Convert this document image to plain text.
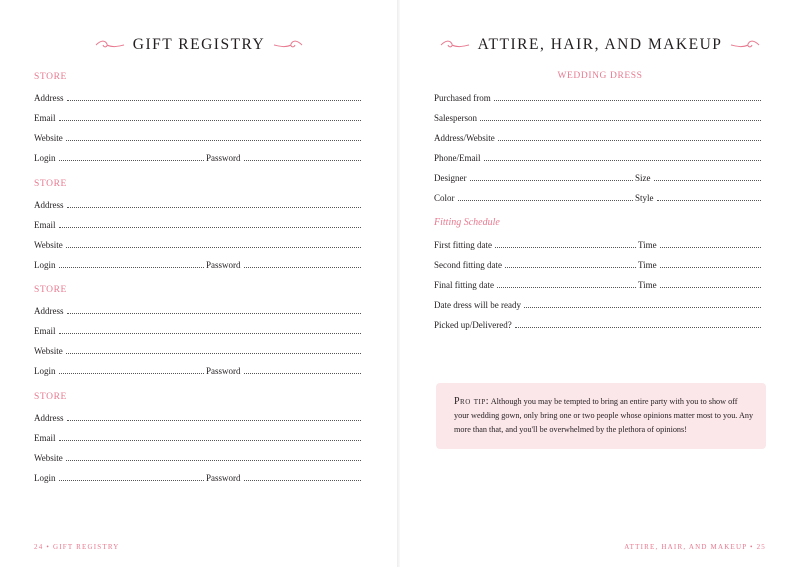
GIFT REGISTRY
STORE
Address
Email
Website
Login	Password
STORE
Address
Email
Website
Login	Password
STORE
Address
Email
Website
Login	Password
STORE
Address
Email
Website
Login	Password
24 • GIFT REGISTRY
ATTIRE, HAIR, AND MAKEUP
WEDDING DRESS
Purchased from
Salesperson
Address/Website
Phone/Email
Designer	Size
Color	Style
Fitting Schedule
First fitting date	Time
Second fitting date	Time
Final fitting date	Time
Date dress will be ready
Picked up/Delivered?
Pro tip: Although you may be tempted to bring an entire party with you to show off your wedding gown, only bring one or two people whose opinions matter most to you. Any more than that, and you'll be overwhelmed by the plethora of opinions!
ATTIRE, HAIR, AND MAKEUP • 25
